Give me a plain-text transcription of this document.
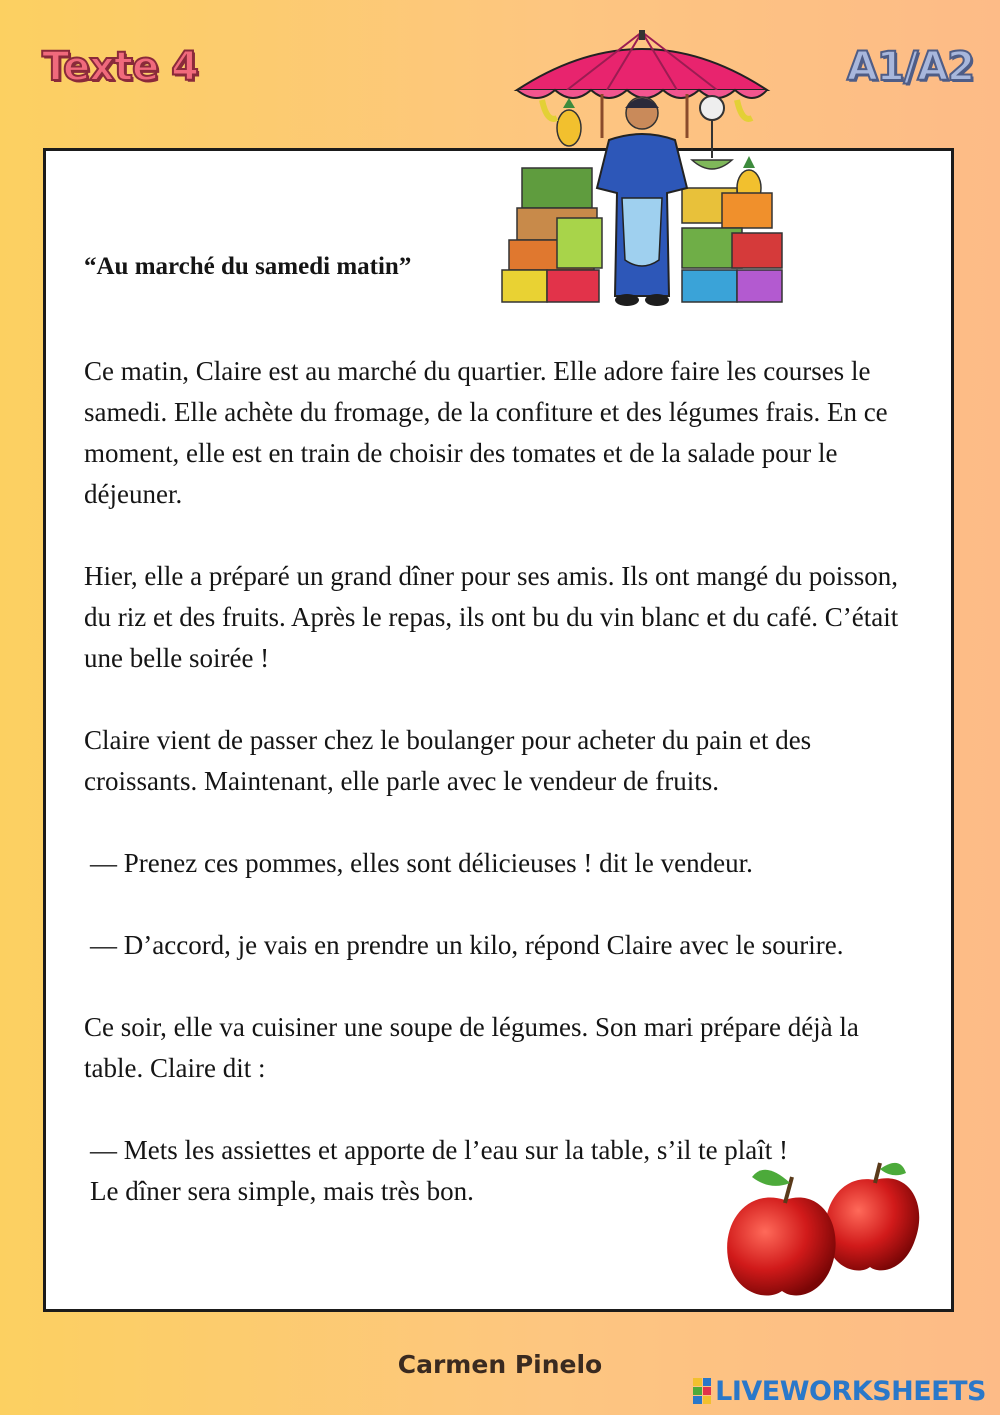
Texte 4	A1/A2
“Au marché du samedi matin”

Ce matin, Claire est au marché du quartier. Elle adore faire les courses le samedi. Elle achète du fromage, de la confiture et des légumes frais. En ce moment, elle est en train de choisir des tomates et de la salade pour le déjeuner.

Hier, elle a préparé un grand dîner pour ses amis. Ils ont mangé du poisson, du riz et des fruits. Après le repas, ils ont bu du vin blanc et du café. C’était une belle soirée !

Claire vient de passer chez le boulanger pour acheter du pain et des croissants. Maintenant, elle parle avec le vendeur de fruits.

— Prenez ces pommes, elles sont délicieuses ! dit le vendeur.

— D’accord, je vais en prendre un kilo, répond Claire avec le sourire.

Ce soir, elle va cuisiner une soupe de légumes. Son mari prépare déjà la table. Claire dit :

— Mets les assiettes et apporte de l’eau sur la table, s’il te plaît !

Le dîner sera simple, mais très bon.

Carmen Pinelo
LIVEWORKSHEETS
